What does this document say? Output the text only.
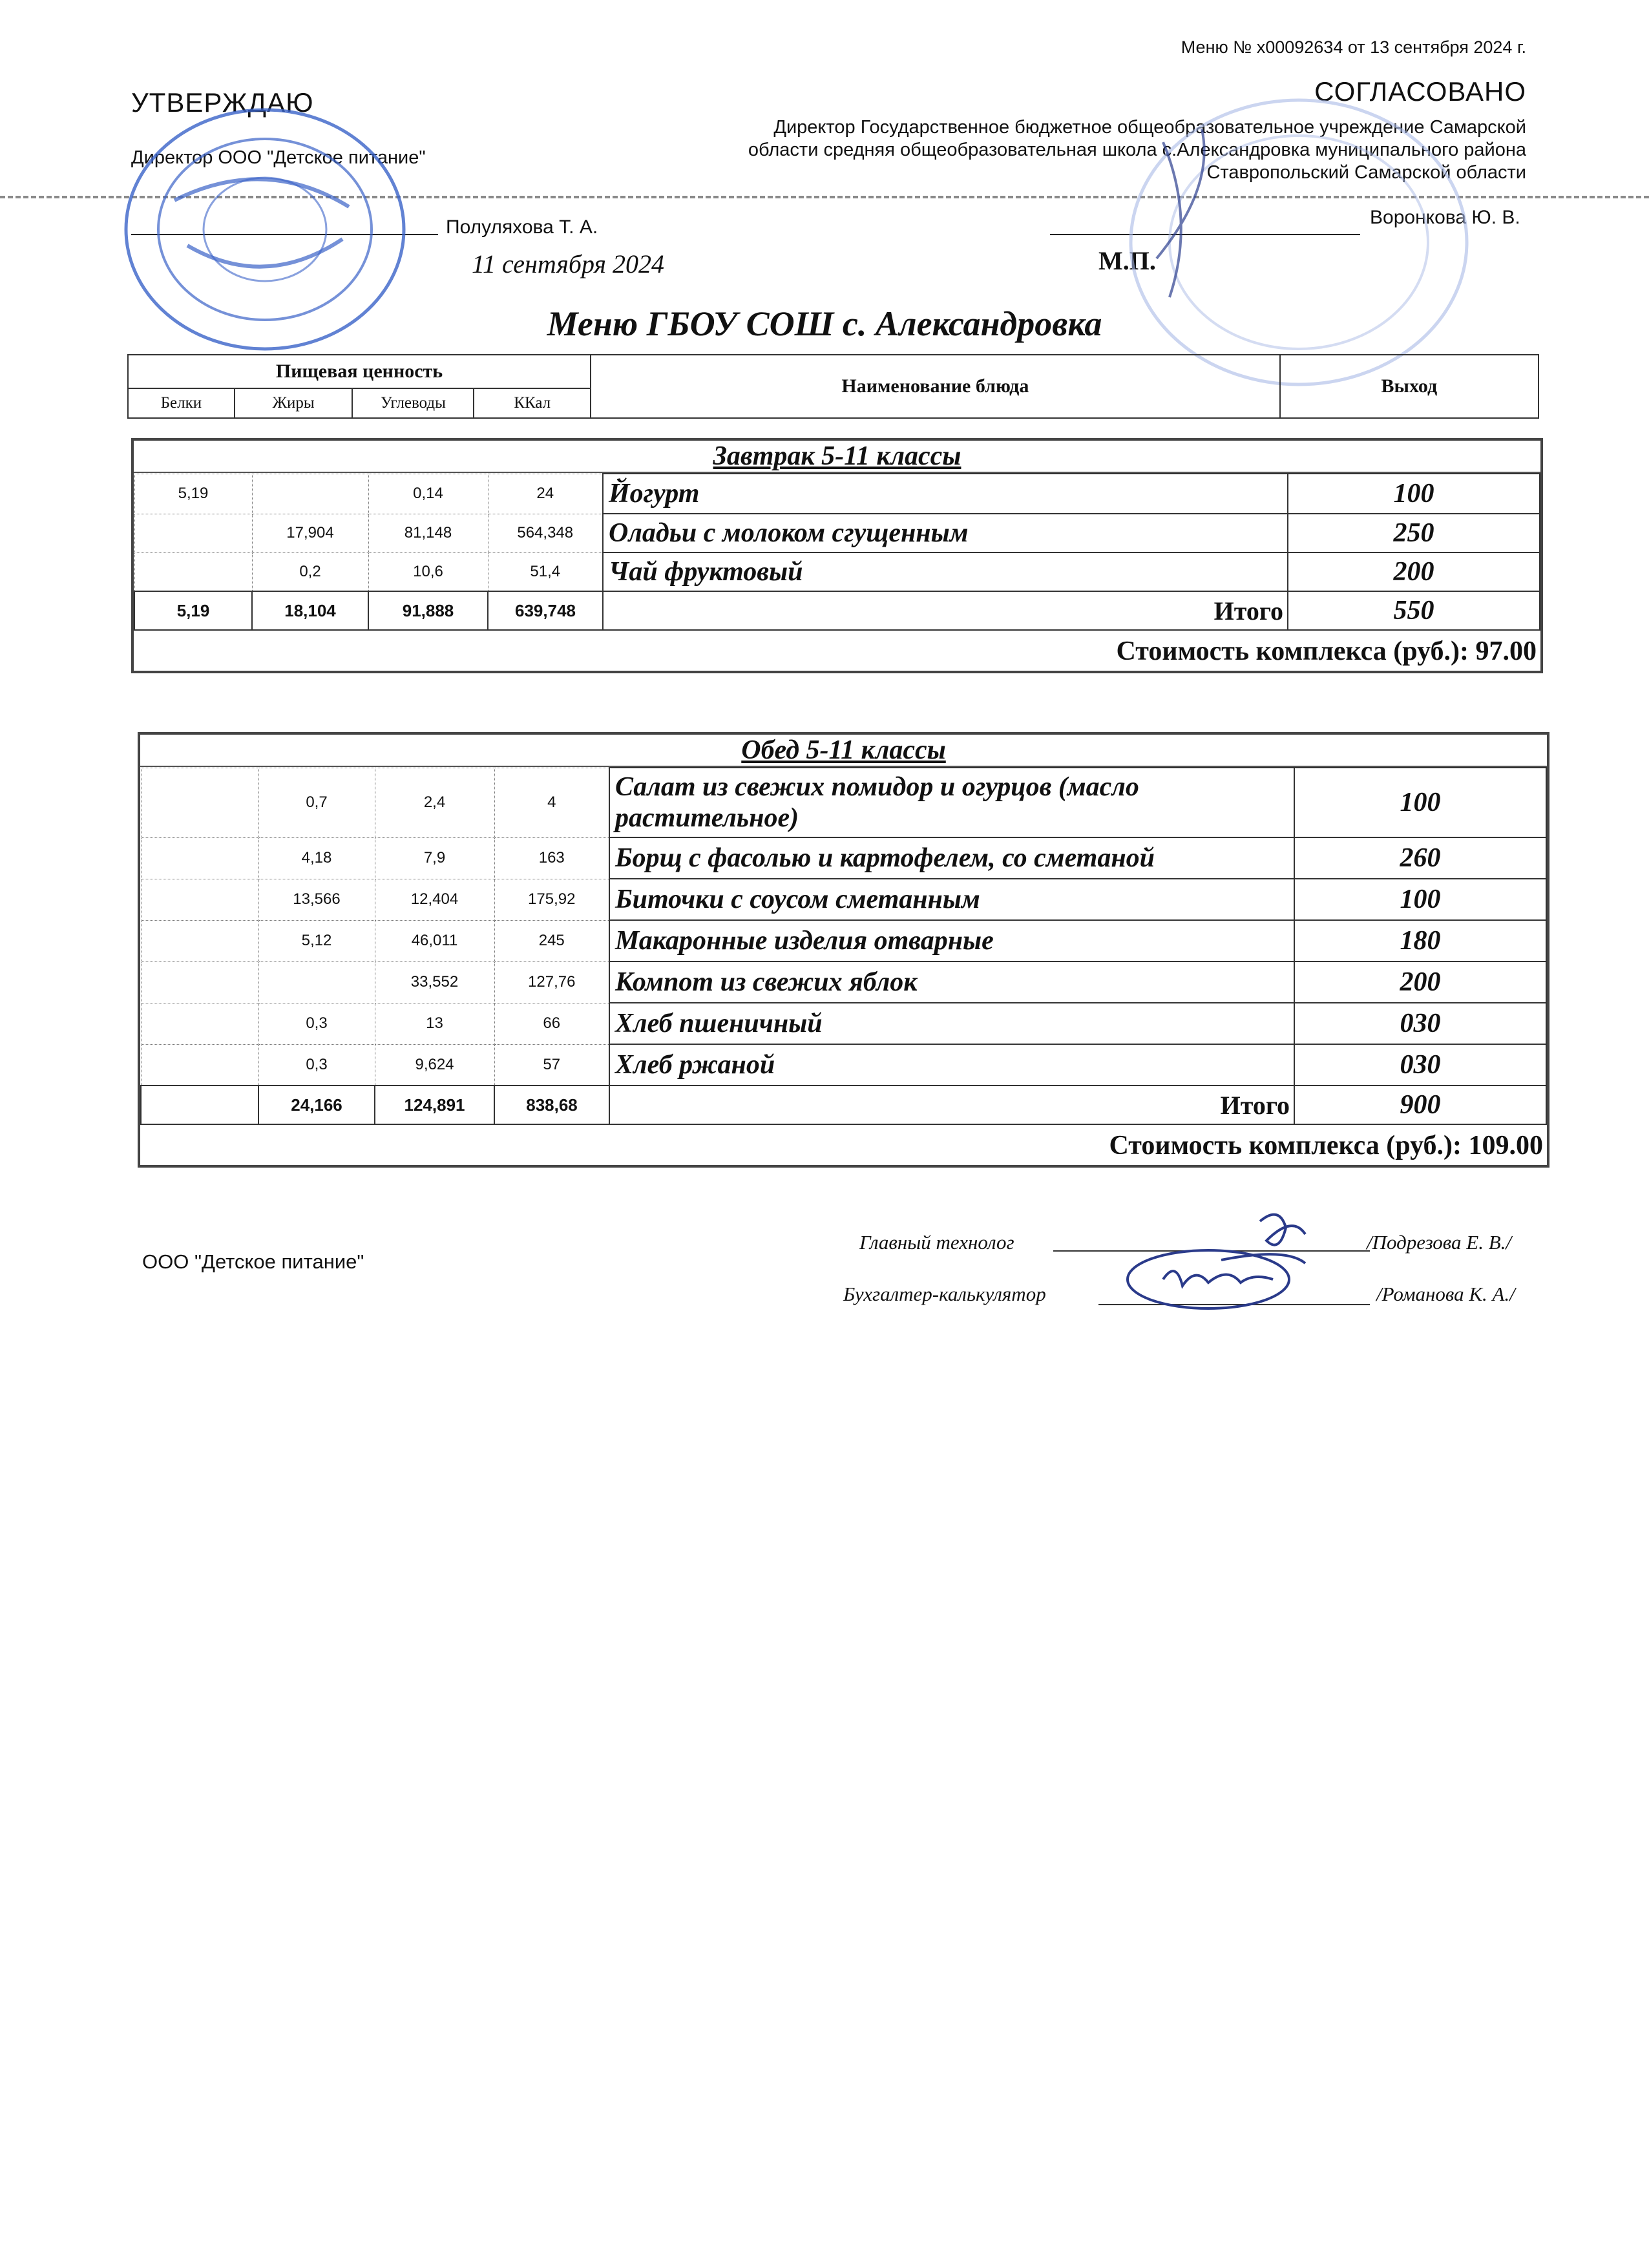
Меню № х00092634 от 13 сентября 2024 г.
УТВЕРЖДАЮ
Директор ООО "Детское питание"
СОГЛАСОВАНО
Директор Государственное бюджетное общеобразовательное учреждение Самарской области средняя общеобразовательная школа с.Александровка муниципального района Ставропольский Самарской области
Полуляхова Т. А.
11 сентября 2024
Воронкова Ю. В.
М.П.
Меню ГБОУ СОШ с. Александровка
Пищевая ценность				Наименование блюда	Выход
Белки	Жиры	Углеводы	ККал		
Завтрак 5-11 классы
5,19		0,14	24	Йогурт	100
	17,904	81,148	564,348	Оладьи с молоком сгущенным	250
	0,2	10,6	51,4	Чай фруктовый	200
5,19	18,104	91,888	639,748	Итого	550
Стоимость комплекса (руб.): 97.00
Обед 5-11 классы
	0,7	2,4	4	Салат из свежих помидор и огурцов (масло растительное)	100
	4,18	7,9	163	Борщ с фасолью и картофелем, со сметаной	260
	13,566	12,404	175,92	Биточки с соусом сметанным	100
	5,12	46,011	245	Макаронные изделия отварные	180
		33,552	127,76	Компот из свежих яблок	200
	0,3	13	66	Хлеб пшеничный	030
	0,3	9,624	57	Хлеб ржаной	030
	24,166	124,891	838,68	Итого	900
Стоимость комплекса (руб.): 109.00
ООО "Детское питание"
Главный технолог	/Подрезова Е. В./
Бухгалтер-калькулятор	/Романова К. А./
